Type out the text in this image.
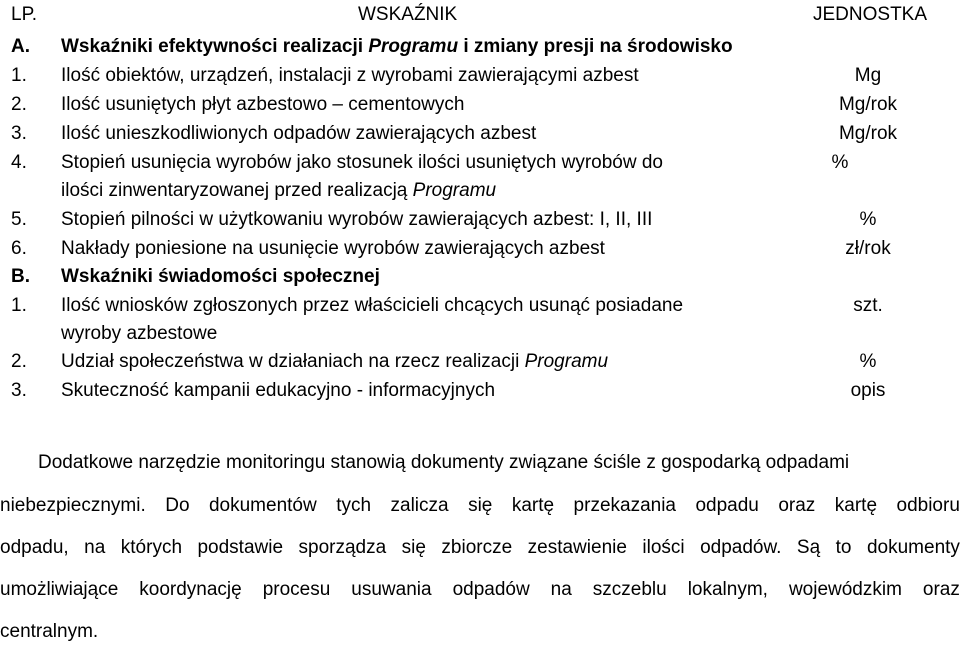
LP.	WSKAŹNIK	JEDNOSTKA
A. Wskaźniki efektywności realizacji Programu i zmiany presji na środowisko
1. Ilość obiektów, urządzeń, instalacji z wyrobami zawierającymi azbest	Mg
2. Ilość usuniętych płyt azbestowo – cementowych	Mg/rok
3. Ilość unieszkodliwionych odpadów zawierających azbest	Mg/rok
4. Stopień usunięcia wyrobów jako stosunek ilości usuniętych wyrobów do	%
ilości zinwentaryzowanej przed realizacją Programu
5. Stopień pilności w użytkowaniu wyrobów zawierających azbest: I, II, III	%
6. Nakłady poniesione na usunięcie wyrobów zawierających azbest	zł/rok
B. Wskaźniki świadomości społecznej
1. Ilość wniosków zgłoszonych przez właścicieli chcących usunąć posiadane	szt.
wyroby azbestowe
2. Udział społeczeństwa w działaniach na rzecz realizacji Programu	%
3. Skuteczność kampanii edukacyjno - informacyjnych	opis
Dodatkowe narzędzie monitoringu stanowią dokumenty związane ściśle z gospodarką odpadami
niebezpiecznymi. Do dokumentów tych zalicza się kartę przekazania odpadu oraz kartę odbioru
odpadu, na których podstawie sporządza się zbiorcze zestawienie ilości odpadów. Są to dokumenty
umożliwiające koordynację procesu usuwania odpadów na szczeblu lokalnym, wojewódzkim oraz
centralnym.
